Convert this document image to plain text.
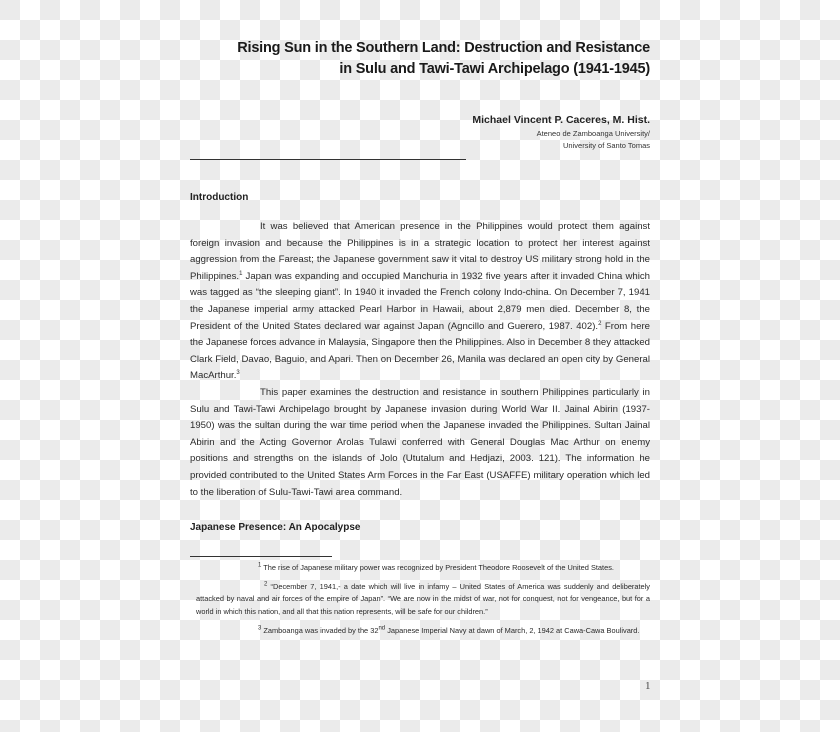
Rising Sun in the Southern Land: Destruction and Resistance
in Sulu and Tawi-Tawi Archipelago (1941-1945)
Michael Vincent P. Caceres, M. Hist.
Ateneo de Zamboanga University/
University of Santo Tomas
Introduction

It was believed that American presence in the Philippines would protect them against foreign invasion and because the Philippines is in a strategic location to protect her interest against aggression from the Fareast; the Japanese government saw it vital to destroy US military strong hold in the Philippines.$^1$ Japan was expanding and occupied Manchuria in 1932 five years after it invaded China which was tagged as “the sleeping giant”. In 1940 it invaded the French colony Indo-china. On December 7, 1941 the Japanese imperial army attacked Pearl Harbor in Hawaii, about 2,879 men died. December 8, the President of the United States declared war against Japan (Agncillo and Guerero, 1987. 402).$^2$ From here the Japanese forces advance in Malaysia, Singapore then the Philippines. Also in December 8 they attacked Clark Field, Davao, Baguio, and Apari. Then on December 26, Manila was declared an open city by General MacArthur.$^3$

This paper examines the destruction and resistance in southern Philippines particularly in Sulu and Tawi-Tawi Archipelago brought by Japanese invasion during World War II. Jainal Abirin (1937-1950) was the sultan during the war time period when the Japanese invaded the Philippines. Sultan Jainal Abirin and the Acting Governor Arolas Tulawi conferred with General Douglas Mac Arthur on enemy positions and strengths on the islands of Jolo (Ututalum and Hedjazi, 2003. 121). The information he provided contributed to the United States Arm Forces in the Far East (USAFFE) military operation which led to the liberation of Sulu-Tawi-Tawi area command.

Japanese Presence: An Apocalypse

$^1$ The rise of Japanese military power was recognized by President Theodore Roosevelt of the United States.

$^2$ “December 7, 1941,- a date which will live in infamy – United States of America was suddenly and deliberately attacked by naval and air forces of the empire of Japan”. “We are now in the midst of war, not for conquest, not for vengeance, but for a world in which this nation, and all that this nation represents, will be safe for our children.”

$^3$ Zamboanga was invaded by the 32nd Japanese Imperial Navy at dawn of March, 2, 1942 at Cawa-Cawa Boulivard.

1
